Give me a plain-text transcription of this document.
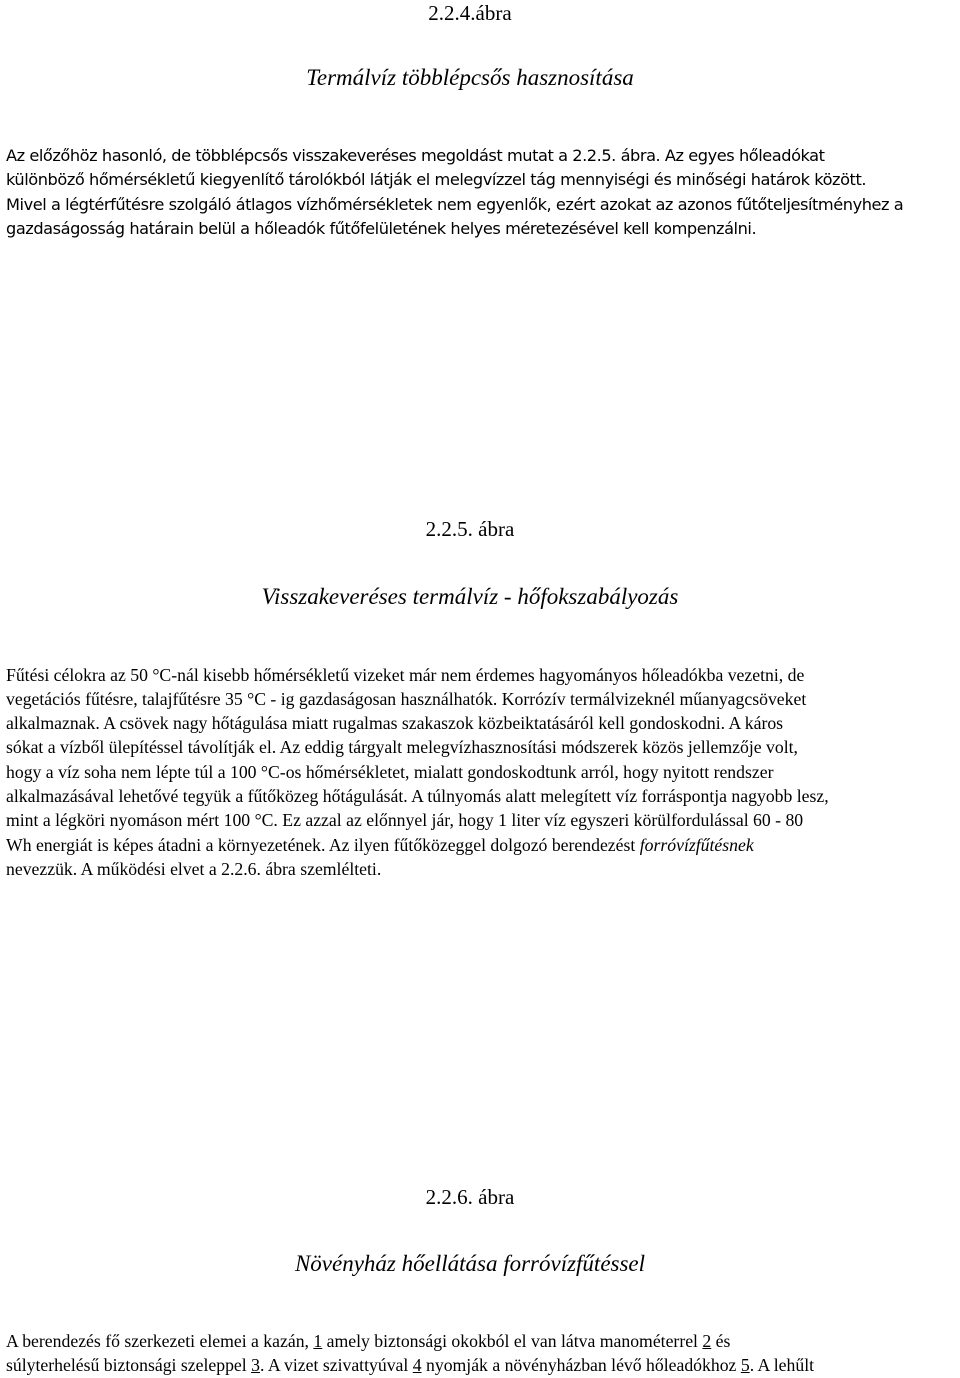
2.2.4.ábra
Termálvíz többlépcsős hasznosítása
Az előzőhöz hasonló, de többlépcsős visszakeveréses megoldást mutat a 2.2.5. ábra. Az egyes hőleadókat
különböző hőmérsékletű kiegyenlítő tárolókból látják el melegvízzel tág mennyiségi és minőségi határok között.
Mivel a légtérfűtésre szolgáló átlagos vízhőmérsékletek nem egyenlők, ezért azokat az azonos fűtőteljesítményhez a
gazdaságosság határain belül a hőleadók fűtőfelületének helyes méretezésével kell kompenzálni.
2.2.5. ábra
Visszakeveréses termálvíz - hőfokszabályozás
Fűtési célokra az 50 °C-nál kisebb hőmérsékletű vizeket már nem érdemes hagyományos hőleadókba vezetni, de
vegetációs fűtésre, talajfűtésre 35 °C - ig gazdaságosan használhatók. Korrózív termálvizeknél műanyagcsöveket
alkalmaznak. A csövek nagy hőtágulása miatt rugalmas szakaszok közbeiktatásáról kell gondoskodni. A káros
sókat a vízből ülepítéssel távolítják el. Az eddig tárgyalt melegvízhasznosítási módszerek közös jellemzője volt,
hogy a víz soha nem lépte túl a 100 °C-os hőmérsékletet, mialatt gondoskodtunk arról, hogy nyitott rendszer
alkalmazásával lehetővé tegyük a fűtőközeg hőtágulását. A túlnyomás alatt melegített víz forráspontja nagyobb lesz,
mint a légköri nyomáson mért 100 °C. Ez azzal az előnnyel jár, hogy 1 liter víz egyszeri körülfordulással 60 - 80
Wh energiát is képes átadni a környezetének. Az ilyen fűtőközeggel dolgozó berendezést forróvízfűtésnek
nevezzük. A működési elvet a 2.2.6. ábra szemlélteti.
2.2.6. ábra
Növényház hőellátása forróvízfűtéssel
A berendezés fő szerkezeti elemei a kazán, 1 amely biztonsági okokból el van látva manométerrel 2 és
súlyterhelésű biztonsági szeleppel 3. A vizet szivattyúval 4 nyomják a növényházban lévő hőleadókhoz 5. A lehűlt
